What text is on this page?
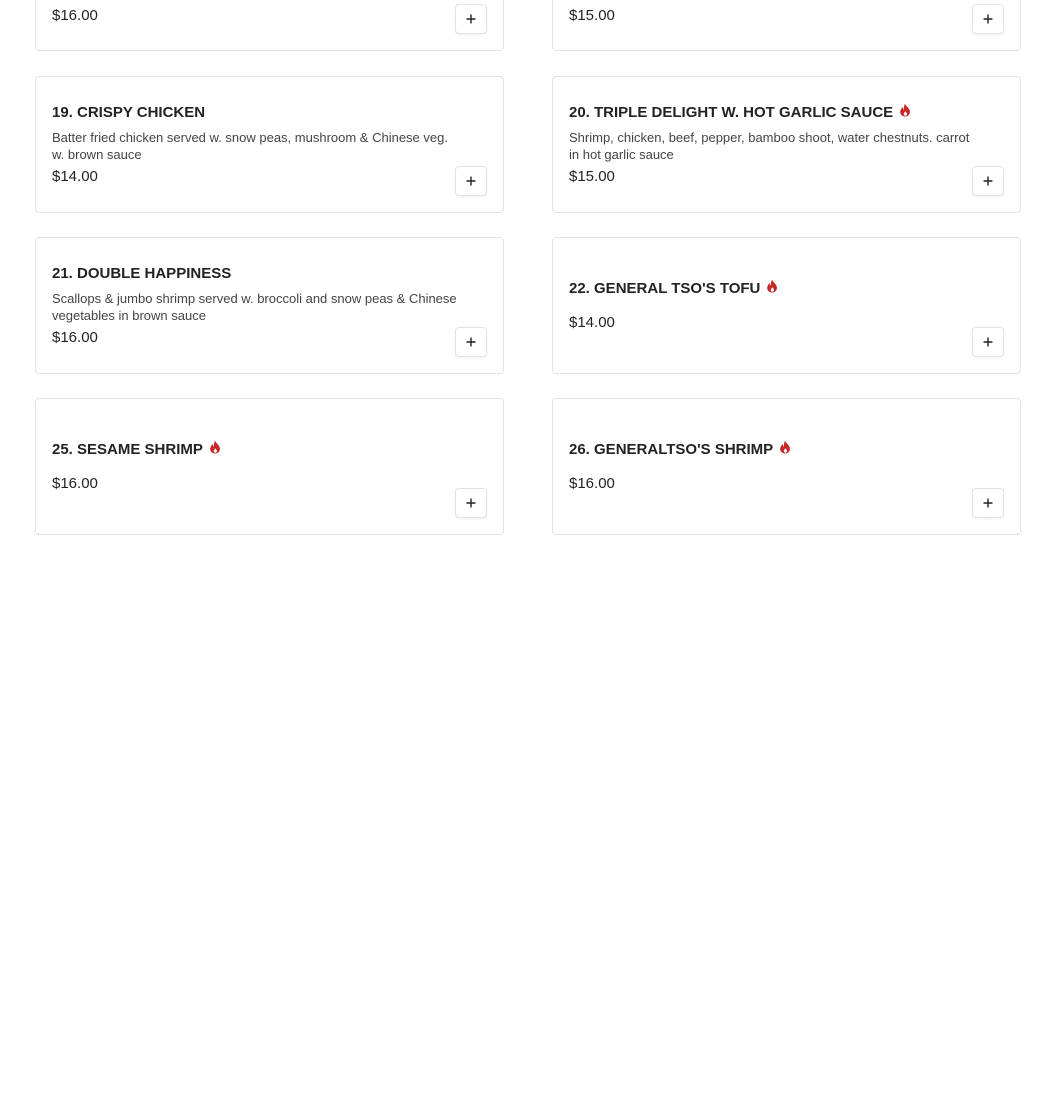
$16.00	$15.00
19. CRISPY CHICKEN
Batter fried chicken served w. snow peas, mushroom & Chinese veg. w. brown sauce
$14.00
20. TRIPLE DELIGHT W. HOT GARLIC SAUCE
Shrimp, chicken, beef, pepper, bamboo shoot, water chestnuts. carrot in hot garlic sauce
$15.00
21. DOUBLE HAPPINESS
Scallops & jumbo shrimp served w. broccoli and snow peas & Chinese vegetables in brown sauce
$16.00
22. GENERAL TSO'S TOFU
$14.00
25. SESAME SHRIMP
$16.00
26. GENERALTSO'S SHRIMP
$16.00
